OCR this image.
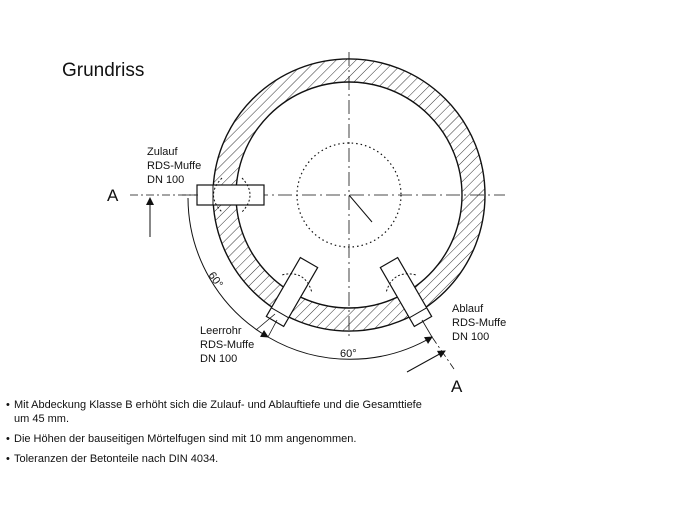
Grundriss
60°
60°
A
A
Zulauf
RDS-Muffe
DN 100
Leerrohr
RDS-Muffe
DN 100
Ablauf
RDS-Muffe
DN 100
• Mit Abdeckung Klasse B erhöht sich die Zulauf- und Ablauftiefe und die Gesamttiefe um 45 mm.
• Die Höhen der bauseitigen Mörtelfugen sind mit 10 mm angenommen.
• Toleranzen der Betonteile nach DIN 4034.
